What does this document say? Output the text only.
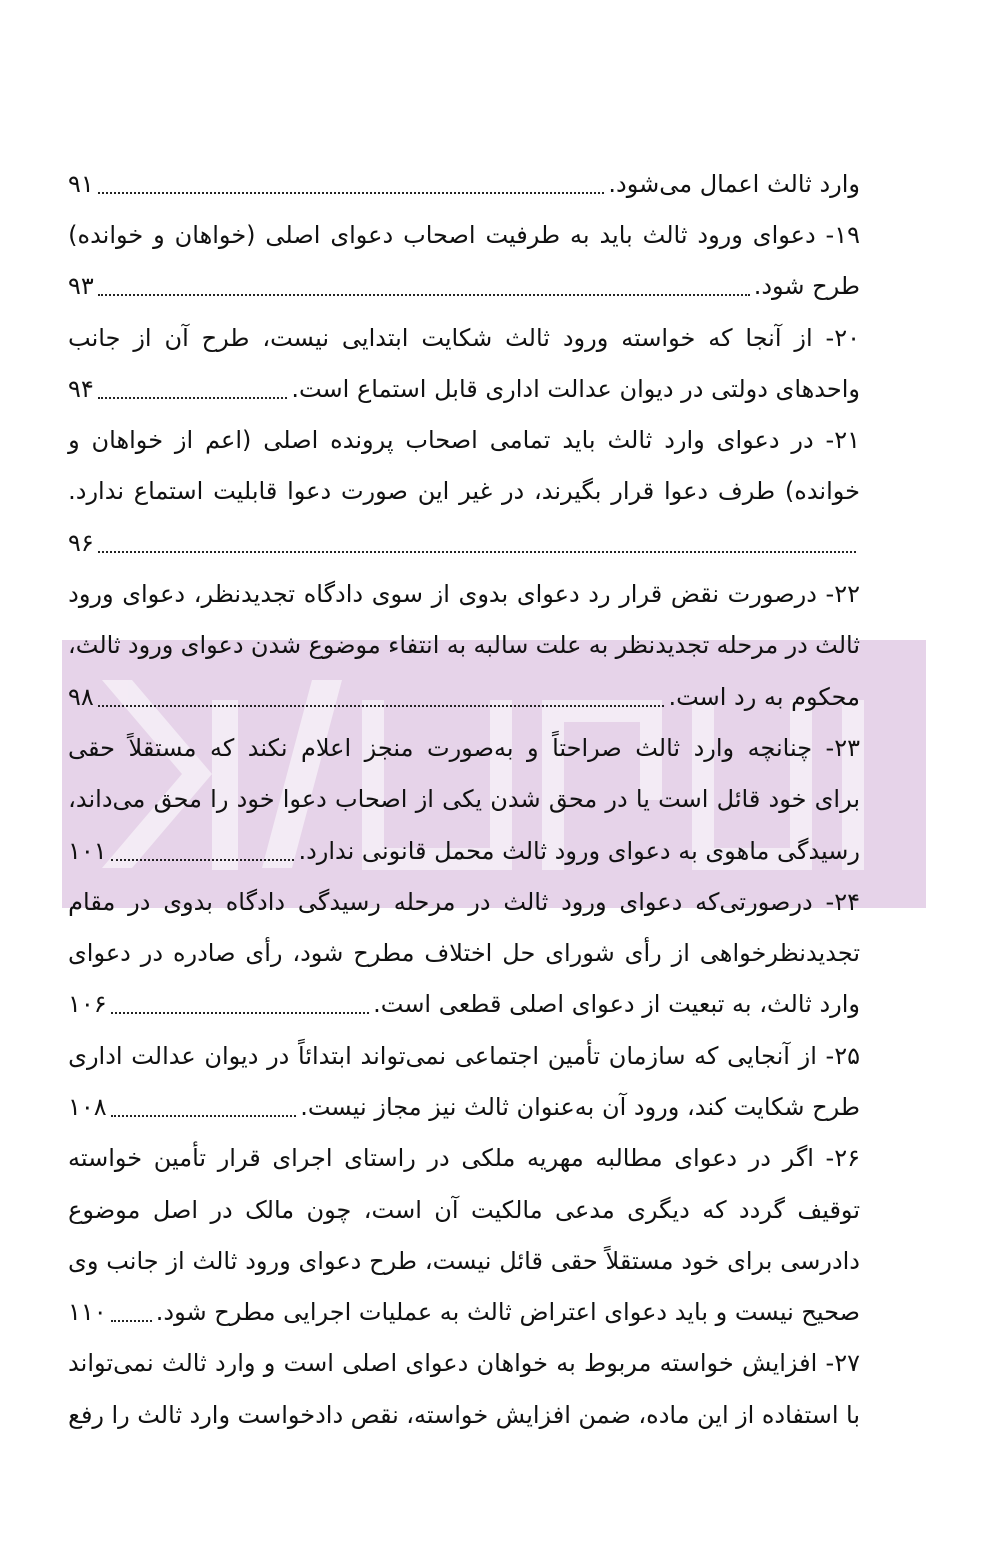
وارد ثالث اعمال می‌شود.
۹۱
۱۹-
دعوای
ورود
ثالث
باید
به
طرفیت
اصحاب
دعوای
اصلی
(خواهان
و
خوانده)
طرح شود.
۹۳
۲۰-
از
آنجا
که
خواسته
ورود
ثالث
شکایت
ابتدایی
نیست،
طرح
آن
از
جانب
واحدهای دولتی در دیوان عدالت اداری قابل استماع است.
۹۴
۲۱-
در
دعوای
وارد
ثالث
باید
تمامی
اصحاب
پرونده
اصلی
(اعم
از
خواهان
و
خوانده)
طرف
دعوا
قرار
بگیرند،
در
غیر
این
صورت
دعوا
قابلیت
استماع
ندارد.
۹۶
۲۲-
درصورت
نقض
قرار
رد
دعوای
بدوی
از
سوی
دادگاه
تجدیدنظر،
دعوای
ورود
ثالث
در
مرحله
تجدیدنظر
به
علت
سالبه
به
انتفاء
موضوع
شدن
دعوای
ورود
ثالث،
محکوم به رد است.
۹۸
۲۳-
چنانچه
وارد
ثالث
صراحتاً
و
به‌صورت
منجز
اعلام
نکند
که
مستقلاً
حقی
برای
خود
قائل
است
یا
در
محق
شدن
یکی
از
اصحاب
دعوا
خود
را
محق
می‌داند،
رسیدگی ماهوی به دعوای ورود ثالث محمل قانونی ندارد.
۱۰۱
۲۴-
درصورتی‌که
دعوای
ورود
ثالث
در
مرحله
رسیدگی
دادگاه
بدوی
در
مقام
تجدیدنظرخواهی
از
رأی
شورای
حل
اختلاف
مطرح
شود،
رأی
صادره
در
دعوای
وارد ثالث، به تبعیت از دعوای اصلی قطعی است.
۱۰۶
۲۵-
از
آنجایی
که
سازمان
تأمین
اجتماعی
نمی‌تواند
ابتدائاً
در
دیوان
عدالت
اداری
طرح شکایت کند، ورود آن به‌عنوان ثالث نیز مجاز نیست.
۱۰۸
۲۶-
اگر
در
دعوای
مطالبه
مهریه
ملکی
در
راستای
اجرای
قرار
تأمین
خواسته
توقیف
گردد
که
دیگری
مدعی
مالکیت
آن
است،
چون
مالک
در
اصل
موضوع
دادرسی
برای
خود
مستقلاً
حقی
قائل
نیست،
طرح
دعوای
ورود
ثالث
از
جانب
وی
صحیح نیست و باید دعوای اعتراض ثالث به عملیات اجرایی مطرح شود.
۱۱۰
۲۷-
افزایش
خواسته
مربوط
به
خواهان
دعوای
اصلی
است
و
وارد
ثالث
نمی‌تواند
با
استفاده
از
این
ماده،
ضمن
افزایش
خواسته،
نقص
دادخواست
وارد
ثالث
را
رفع
